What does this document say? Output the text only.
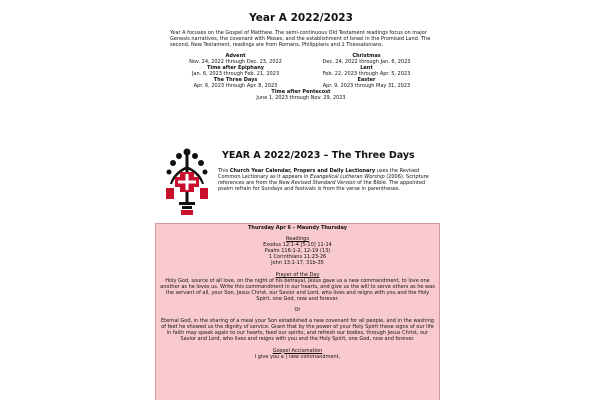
Year A 2022/2023

Year A focuses on the Gospel of Matthew. The semi-continuous Old Testament readings focus on major Genesis narratives, the covenant with Moses, and the establishment of Israel in the Promised Land. The second, New Testament, readings are from Romans, Philippians and 1 Thessalonians.

Advent
Nov. 24, 2022 through Dec. 23, 2022
Christmas
Dec. 24, 2022 through Jan. 6, 2023
Time after Epiphany
Jan. 6, 2023 through Feb. 21, 2023
Lent
Feb. 22, 2023 through Apr. 5, 2023
The Three Days
Apr. 6, 2023 through Apr. 8, 2023
Easter
Apr. 9, 2023 through May 31, 2023
Time after Pentecost
June 1, 2023 through Nov. 29, 2023
YEAR A 2022/2023 – The Three Days

This Church Year Calendar, Propers and Daily Lectionary uses the Revised Common Lectionary as it appears in Evangelical Lutheran Worship (2006). Scripture references are from the New Revised Standard Version of the Bible. The appointed psalm refrain for Sundays and festivals is from the verse in parentheses.

Thursday Apr 6 – Maundy Thursday
Readings
Exodus 12:1-4 [5-10] 11-14
Psalm 116:1-2, 12-19 (13)
1 Corinthians 11:23-26
John 13:1-17, 31b-35
Prayer of the Day
Holy God, source of all love, on the night of his betrayal, Jesus gave us a new commandment, to love one another as he loves us. Write this commandment in our hearts, and give us the will to serve others as he was the servant of all, your Son, Jesus Christ, our Savior and Lord, who lives and reigns with you and the Holy Spirit, one God, now and forever.
Or
Eternal God, in the sharing of a meal your Son established a new covenant for all people, and in the washing of feet he showed us the dignity of service. Grant that by the power of your Holy Spirit these signs of our life in faith may speak again to our hearts, feed our spirits, and refresh our bodies, through Jesus Christ, our Savior and Lord, who lives and reigns with you and the Holy Spirit, one God, now and forever.
Gospel Acclamation
I give you a | new commandment,
